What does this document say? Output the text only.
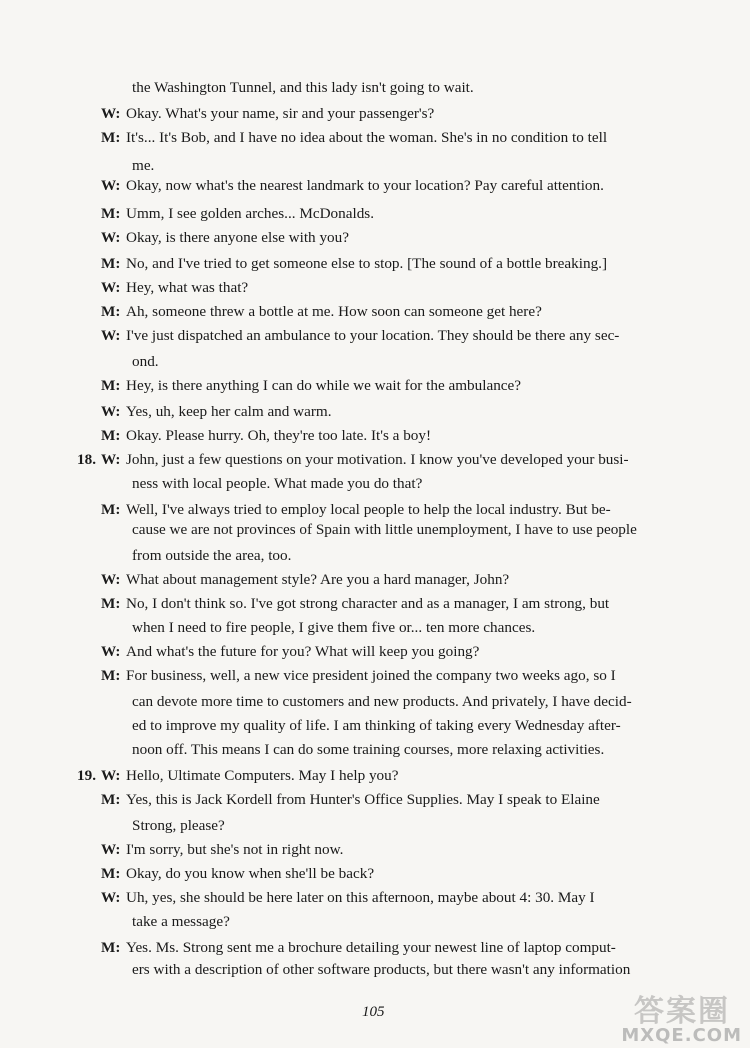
the Washington Tunnel, and this lady isn't going to wait.
W: Okay. What's your name, sir and your passenger's?
M: It's... It's Bob, and I have no idea about the woman. She's in no condition to tell
me.
W: Okay, now what's the nearest landmark to your location? Pay careful attention.
M: Umm, I see golden arches... McDonalds.
W: Okay, is there anyone else with you?
M: No, and I've tried to get someone else to stop. [The sound of a bottle breaking.]
W: Hey, what was that?
M: Ah, someone threw a bottle at me. How soon can someone get here?
W: I've just dispatched an ambulance to your location. They should be there any sec-
ond.
M: Hey, is there anything I can do while we wait for the ambulance?
W: Yes, uh, keep her calm and warm.
M: Okay. Please hurry. Oh, they're too late. It's a boy!
18. W: John, just a few questions on your motivation. I know you've developed your busi-
ness with local people. What made you do that?
M: Well, I've always tried to employ local people to help the local industry. But be-
cause we are not provinces of Spain with little unemployment, I have to use people
from outside the area, too.
W: What about management style? Are you a hard manager, John?
M: No, I don't think so. I've got strong character and as a manager, I am strong, but
when I need to fire people, I give them five or... ten more chances.
W: And what's the future for you? What will keep you going?
M: For business, well, a new vice president joined the company two weeks ago, so I
can devote more time to customers and new products. And privately, I have decid-
ed to improve my quality of life. I am thinking of taking every Wednesday after-
noon off. This means I can do some training courses, more relaxing activities.
19. W: Hello, Ultimate Computers. May I help you?
M: Yes, this is Jack Kordell from Hunter's Office Supplies. May I speak to Elaine
Strong, please?
W: I'm sorry, but she's not in right now.
M: Okay, do you know when she'll be back?
W: Uh, yes, she should be here later on this afternoon, maybe about 4: 30. May I
take a message?
M: Yes. Ms. Strong sent me a brochure detailing your newest line of laptop comput-
ers with a description of other software products, but there wasn't any information
105	答案圈
MXQE.COM
